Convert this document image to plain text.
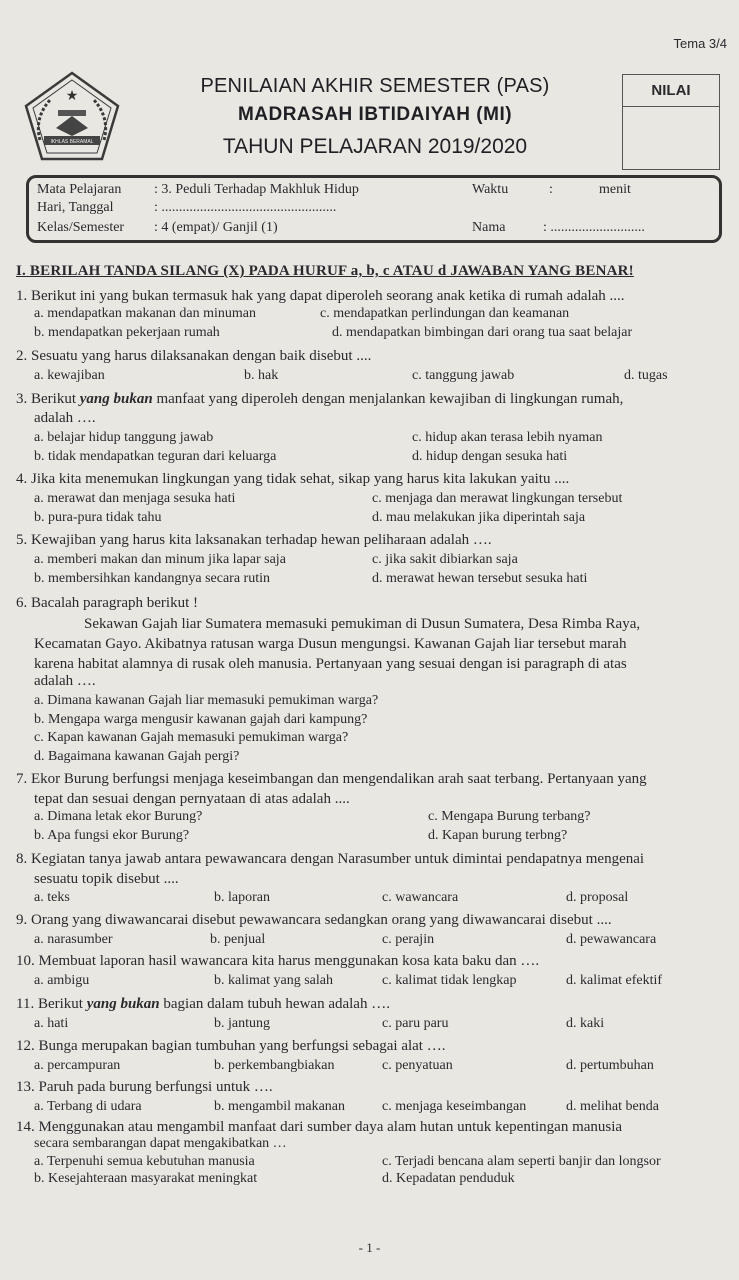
Tema 3/4
★
IKHLAS BERAMAL
PENILAIAN AKHIR SEMESTER (PAS)
MADRASAH IBTIDAIYAH (MI)
TAHUN PELAJARAN 2019/2020
NILAI
Mata Pelajaran : 3. Peduli Terhadap Makhluk Hidup	Waktu	:	menit
Hari, Tanggal	: ..................................................
Kelas/Semester : 4 (empat)/ Ganjil (1)	Nama	: ...........................
I. BERILAH TANDA SILANG (X) PADA HURUF a, b, c ATAU d JAWABAN YANG BENAR!
1. Berikut ini yang bukan termasuk hak yang dapat diperoleh seorang anak ketika di rumah adalah ....
a. mendapatkan makanan dan minuman	c. mendapatkan perlindungan dan keamanan
b. mendapatkan pekerjaan rumah	d. mendapatkan bimbingan dari orang tua saat belajar
2. Sesuatu yang harus dilaksanakan dengan baik disebut ....
a. kewajiban	b. hak	c. tanggung jawab	d. tugas
3. Berikut yang bukan manfaat yang diperoleh dengan menjalankan kewajiban di lingkungan rumah,
adalah ….
a. belajar hidup tanggung jawab	c. hidup akan terasa lebih nyaman
b. tidak mendapatkan teguran dari keluarga	d. hidup dengan sesuka hati
4. Jika kita menemukan lingkungan yang tidak sehat, sikap yang harus kita lakukan yaitu ....
a. merawat dan menjaga sesuka hati	c. menjaga dan merawat lingkungan tersebut
b. pura-pura tidak tahu	d. mau melakukan jika diperintah saja
5. Kewajiban yang harus kita laksanakan terhadap hewan peliharaan adalah ….
a. memberi makan dan minum jika lapar saja	c. jika sakit dibiarkan saja
b. membersihkan kandangnya secara rutin	d. merawat hewan tersebut sesuka hati
6. Bacalah paragraph berikut !
Sekawan Gajah liar Sumatera memasuki pemukiman di Dusun Sumatera, Desa Rimba Raya,
Kecamatan Gayo. Akibatnya ratusan warga Dusun mengungsi. Kawanan Gajah liar tersebut marah
karena habitat alamnya di rusak oleh manusia. Pertanyaan yang sesuai dengan isi paragraph di atas
adalah ….
a. Dimana kawanan Gajah liar memasuki pemukiman warga?
b. Mengapa warga mengusir kawanan gajah dari kampung?
c. Kapan kawanan Gajah memasuki pemukiman warga?
d. Bagaimana kawanan Gajah pergi?
7. Ekor Burung berfungsi menjaga keseimbangan dan mengendalikan arah saat terbang. Pertanyaan yang
tepat dan sesuai dengan pernyataan di atas adalah ....
a. Dimana letak ekor Burung?	c. Mengapa Burung terbang?
b. Apa fungsi ekor Burung?	d. Kapan burung terbng?
8. Kegiatan tanya jawab antara pewawancara dengan Narasumber untuk dimintai pendapatnya mengenai
sesuatu topik disebut ....
a. teks	b. laporan	c. wawancara	d. proposal
9. Orang yang diwawancarai disebut pewawancara sedangkan orang yang diwawancarai disebut ....
a. narasumber	b. penjual	c. perajin	d. pewawancara
10. Membuat laporan hasil wawancara kita harus menggunakan kosa kata baku dan ….
a. ambigu	b. kalimat yang salah	c. kalimat tidak lengkap	d. kalimat efektif
11. Berikut yang bukan bagian dalam tubuh hewan adalah ….
a. hati	b. jantung	c. paru paru	d. kaki
12. Bunga merupakan bagian tumbuhan yang berfungsi sebagai alat ….
a. percampuran	b. perkembangbiakan	c. penyatuan	d. pertumbuhan
13. Paruh pada burung berfungsi untuk ….
a. Terbang di udara	b. mengambil makanan	c. menjaga keseimbangan	d. melihat benda
14. Menggunakan atau mengambil manfaat dari sumber daya alam hutan untuk kepentingan manusia
secara sembarangan dapat mengakibatkan …
a. Terpenuhi semua kebutuhan manusia	c. Terjadi bencana alam seperti banjir dan longsor
b. Kesejahteraan masyarakat meningkat	d. Kepadatan penduduk
- 1 -
